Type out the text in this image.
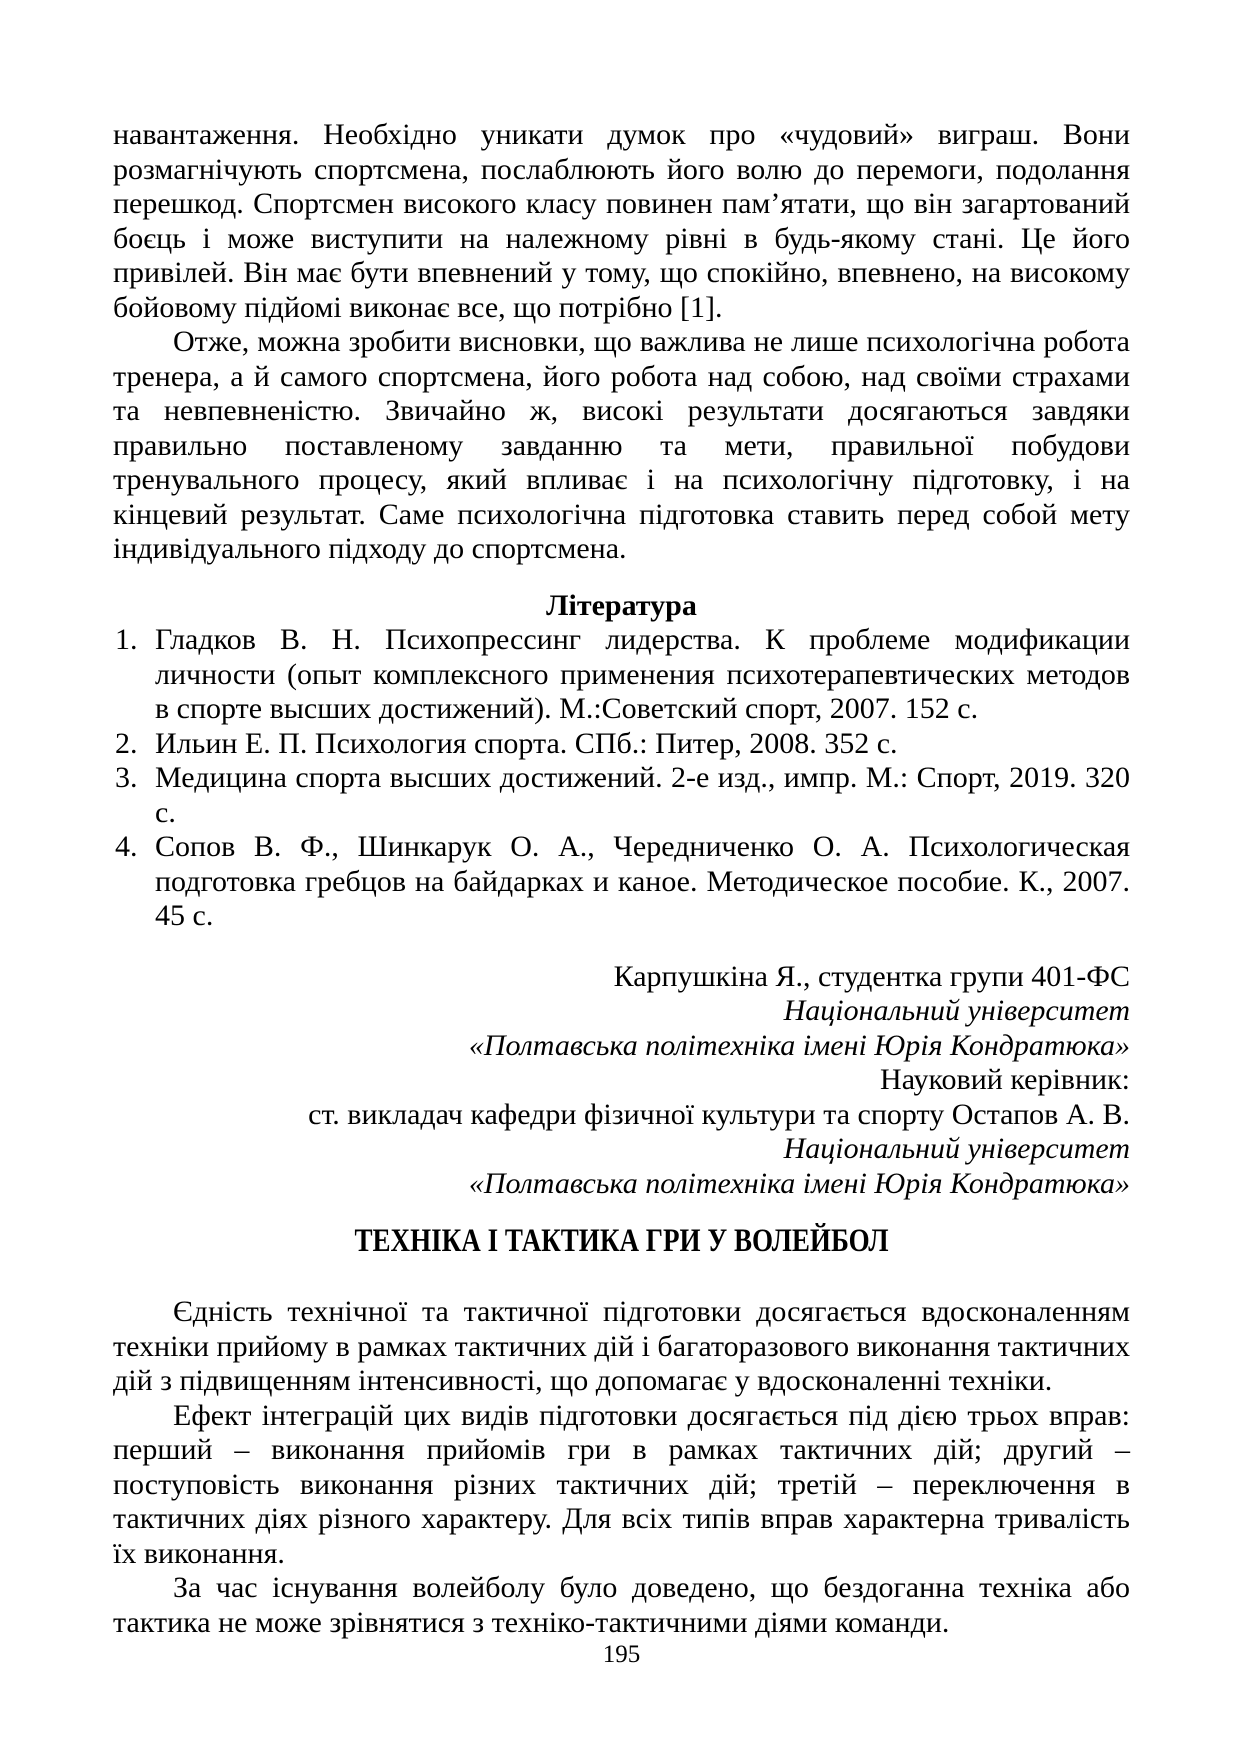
навантаження. Необхідно уникати думок про «чудовий» виграш. Вони розмагнічують спортсмена, послаблюють його волю до перемоги, подолання перешкод. Спортсмен високого класу повинен пам’ятати, що він загартований боєць і може виступити на належному рівні в будь-якому стані. Це його привілей. Він має бути впевнений у тому, що спокійно, впевнено, на високому бойовому підйомі виконає все, що потрібно [1].

Отже, можна зробити висновки, що важлива не лише психологічна робота тренера, а й самого спортсмена, його робота над собою, над своїми страхами та невпевненістю. Звичайно ж, високі результати досягаються завдяки правильно поставленому завданню та мети, правильної побудови тренувального процесу, який впливає і на психологічну підготовку, і на кінцевий результат. Саме психологічна підготовка ставить перед собой мету індивідуального підходу до спортсмена.

Література
1. Гладков В. Н. Психопрессинг лидерства. К проблеме модификации личности (опыт комплексного применения психотерапевтических методов в спорте высших достижений). М.:Советский спорт, 2007. 152 с.
2. Ильин Е. П. Психология спорта. СПб.: Питер, 2008. 352 с.
3. Медицина спорта высших достижений. 2-е изд., импр. М.: Спорт, 2019. 320 с.
4. Сопов В. Ф., Шинкарук О. А., Чередниченко О. А. Психологическая подготовка гребцов на байдарках и каное. Методическое пособие. К., 2007. 45 с.

Карпушкіна Я., студентка групи 401-ФС

Національний університет

«Полтавська політехніка імені Юрія Кондратюка»

Науковий керівник:

ст. викладач кафедри фізичної культури та спорту Остапов А. В.

Національний університет

«Полтавська політехніка імені Юрія Кондратюка»

ТЕХНІКА І ТАКТИКА ГРИ У ВОЛЕЙБОЛ

Єдність технічної та тактичної підготовки досягається вдосконаленням техніки прийому в рамках тактичних дій і багаторазового виконання тактичних дій з підвищенням інтенсивності, що допомагає у вдосконаленні техніки.

Ефект інтеграцій цих видів підготовки досягається під дією трьох вправ: перший – виконання прийомів гри в рамках тактичних дій; другий – поступовість виконання різних тактичних дій; третій – переключення в тактичних діях різного характеру. Для всіх типів вправ характерна тривалість їх виконання.

За час існування волейболу було доведено, що бездоганна техніка або тактика не може зрівнятися з техніко-тактичними діями команди.

195
